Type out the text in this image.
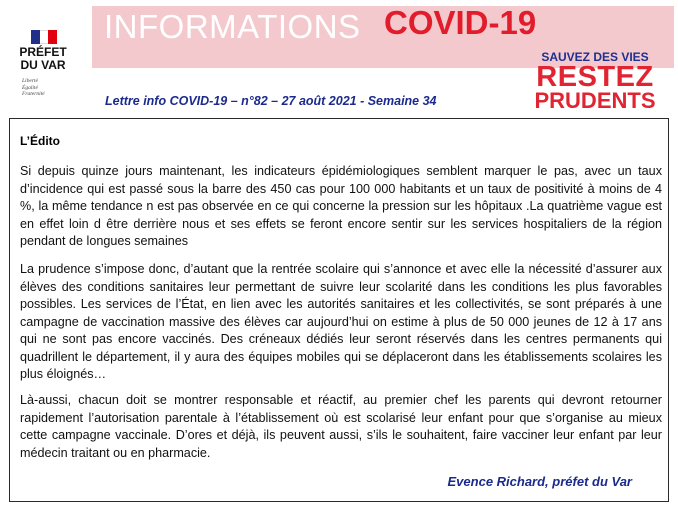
PRÉFET
DU VAR
Liberté
Égalité
Fraternité
INFORMATIONS COVID-19
SAUVEZ DES VIES
RESTEZ
PRUDENTS
Lettre info COVID-19 – n°82 – 27 août 2021 - Semaine 34
L’Édito

Si depuis quinze jours maintenant, les indicateurs épidémiologiques semblent marquer le pas, avec un taux d’incidence qui est passé sous la barre des 450 cas pour 100 000 habitants et un taux de positivité à moins de 4 %, la même tendance n est pas observée en ce qui concerne la pression sur les hôpitaux .La quatrième vague est en effet loin d être derrière nous et ses effets se feront encore sentir sur les services hospitaliers de la région pendant de longues semaines

La prudence s’impose donc, d’autant que la rentrée scolaire qui s’annonce et avec elle la nécessité d’assurer aux élèves des conditions sanitaires leur permettant de suivre leur scolarité dans les conditions les plus favorables possibles. Les services de l’État, en lien avec les autorités sanitaires et les collectivités, se sont préparés à une campagne de vaccination massive des élèves car aujourd’hui on estime à plus de 50 000 jeunes de 12 à 17 ans qui ne sont pas encore vaccinés. Des créneaux dédiés leur seront réservés dans les centres permanents qui quadrillent le département, il y aura des équipes mobiles qui se déplaceront dans les établissements scolaires les plus éloignés…

Là-aussi, chacun doit se montrer responsable et réactif, au premier chef les parents qui devront retourner rapidement l’autorisation parentale à l’établissement où est scolarisé leur enfant pour que s’organise au mieux cette campagne vaccinale. D’ores et déjà, ils peuvent aussi, s’ils le souhaitent, faire vacciner leur enfant par leur médecin traitant ou en pharmacie.

Evence Richard, préfet du Var
